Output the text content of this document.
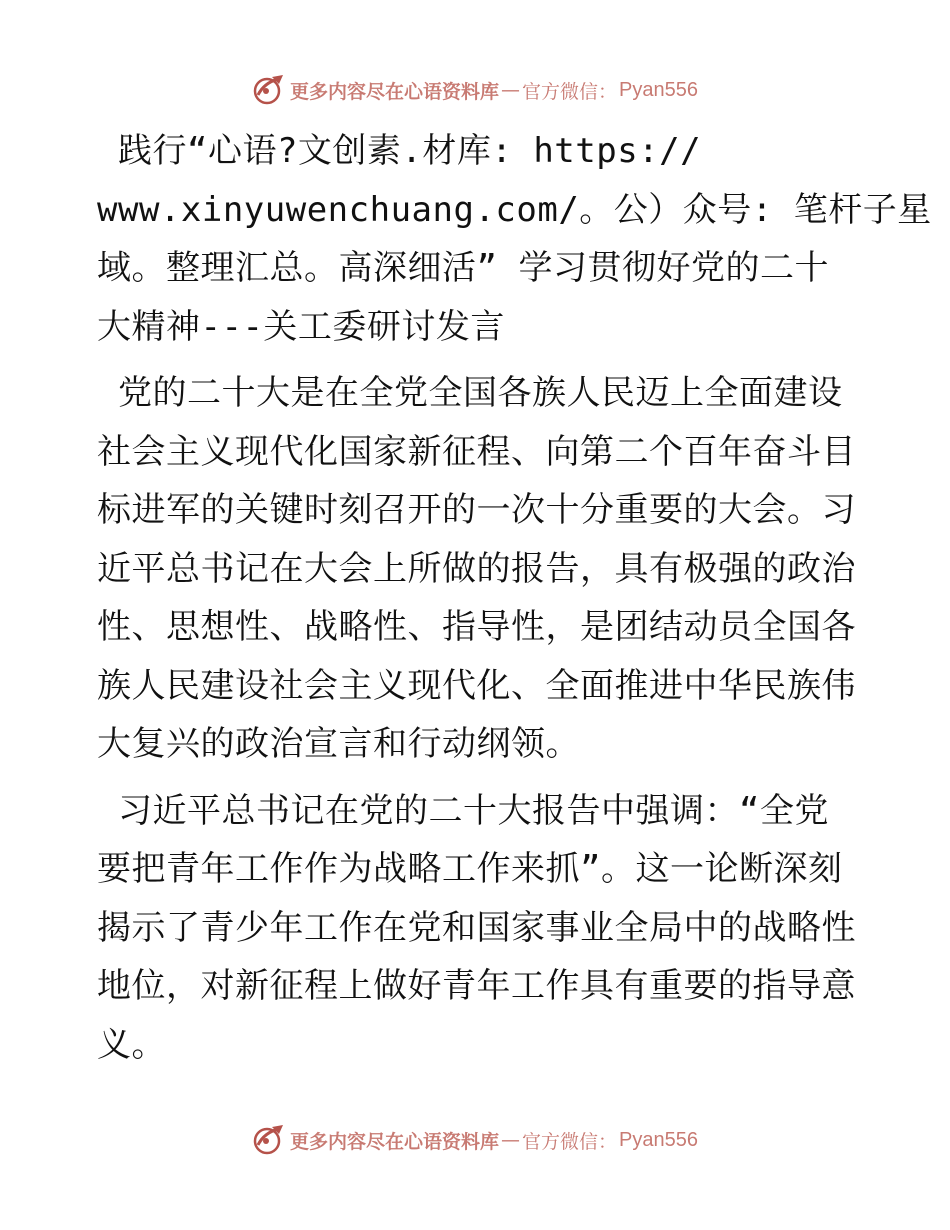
更多内容尽在心语资料库 — 官方微信： Pyan556
践行“心语?文创素.材库: https://
www.xinyuwenchuang.com/。公）众号: 笔杆子星
域。整理汇总。高深细活” 学习贯彻好党的二十
大精神---关工委研讨发言
党的二十大是在全党全国各族人民迈上全面建设
社会主义现代化国家新征程、向第二个百年奋斗目
标进军的关键时刻召开的一次十分重要的大会。习
近平总书记在大会上所做的报告，具有极强的政治
性、思想性、战略性、指导性，是团结动员全国各
族人民建设社会主义现代化、全面推进中华民族伟
大复兴的政治宣言和行动纲领。
习近平总书记在党的二十大报告中强调：“全党
要把青年工作作为战略工作来抓”。这一论断深刻
揭示了青少年工作在党和国家事业全局中的战略性
地位，对新征程上做好青年工作具有重要的指导意
义。
更多内容尽在心语资料库 — 官方微信： Pyan556
